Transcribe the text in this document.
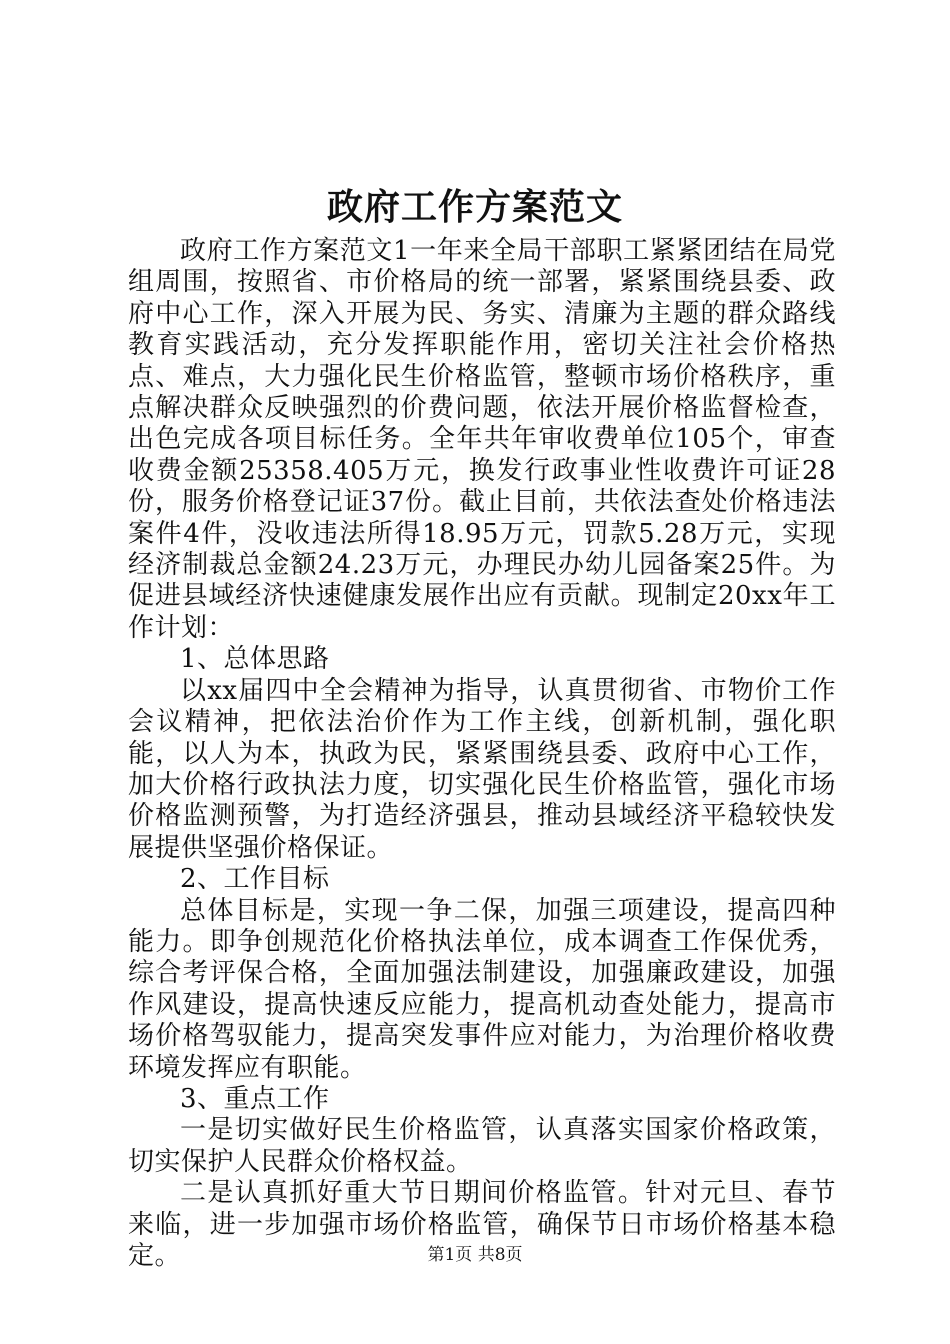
政府工作方案范文

政府工作方案范文1一年来全局干部职工紧紧团结在局党组周围，按照省、市价格局的统一部署，紧紧围绕县委、政府中心工作，深入开展为民、务实、清廉为主题的群众路线教育实践活动，充分发挥职能作用，密切关注社会价格热点、难点，大力强化民生价格监管，整顿市场价格秩序，重点解决群众反映强烈的价费问题，依法开展价格监督检查，出色完成各项目标任务。全年共年审收费单位105个，审查收费金额25358.405万元，换发行政事业性收费许可证28份，服务价格登记证37份。截止目前，共依法查处价格违法案件4件，没收违法所得18.95万元，罚款5.28万元，实现经济制裁总金额24.23万元，办理民办幼儿园备案25件。为促进县域经济快速健康发展作出应有贡献。现制定20xx年工作计划：

1、总体思路

以xx届四中全会精神为指导，认真贯彻省、市物价工作会议精神，把依法治价作为工作主线，创新机制，强化职能，以人为本，执政为民，紧紧围绕县委、政府中心工作，加大价格行政执法力度，切实强化民生价格监管，强化市场价格监测预警，为打造经济强县，推动县域经济平稳较快发展提供坚强价格保证。

2、工作目标

总体目标是，实现一争二保，加强三项建设，提高四种能力。即争创规范化价格执法单位，成本调查工作保优秀，综合考评保合格，全面加强法制建设，加强廉政建设，加强作风建设，提高快速反应能力，提高机动查处能力，提高市场价格驾驭能力，提高突发事件应对能力，为治理价格收费环境发挥应有职能。

3、重点工作

一是切实做好民生价格监管，认真落实国家价格政策，切实保护人民群众价格权益。

二是认真抓好重大节日期间价格监管。针对元旦、春节来临，进一步加强市场价格监管，确保节日市场价格基本稳定。	第1页 共8页
